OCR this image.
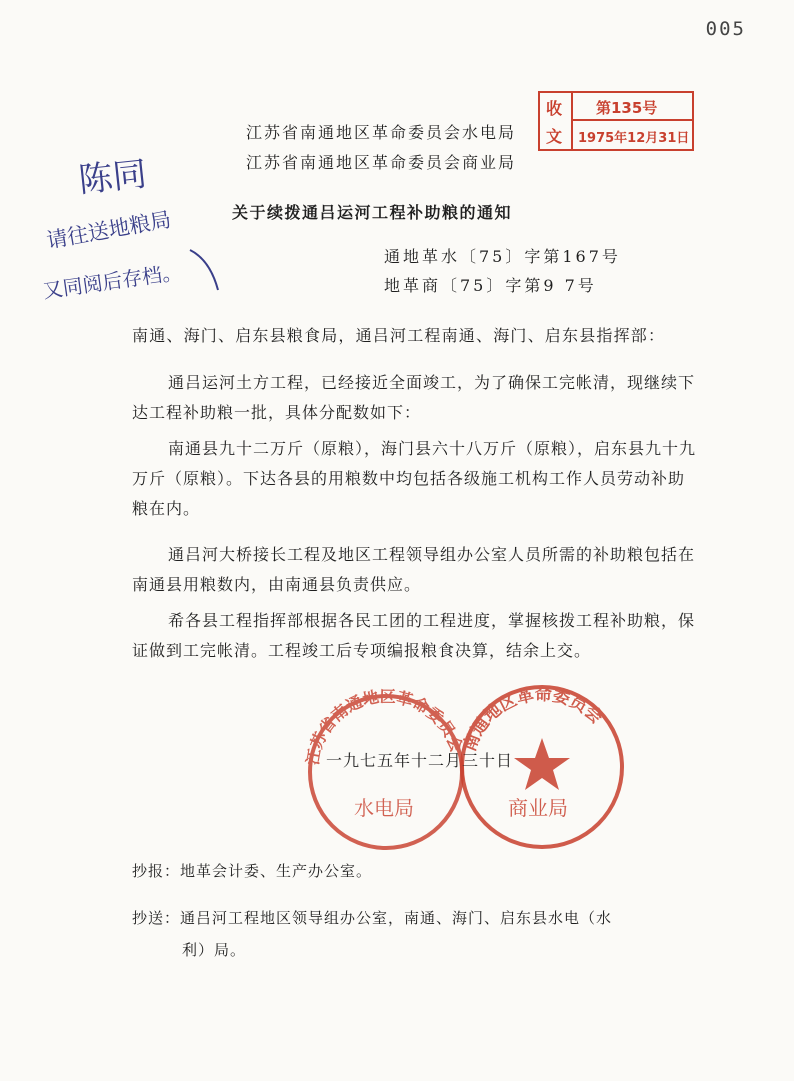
005
陈同
请往送地粮局
又同阅后存档。
收
文
第135号
1975年12月31日
江苏省南通地区革命委员会水电局
江苏省南通地区革命委员会商业局
关于续拨通吕运河工程补助粮的通知
通地革水〔75〕字第167号
地革商〔75〕字第9 7号
南通、海门、启东县粮食局，通吕河工程南通、海门、启东县指挥部：
通吕运河土方工程，已经接近全面竣工，为了确保工完帐清，现继续下达工程补助粮一批，具体分配数如下：
南通县九十二万斤（原粮），海门县六十八万斤（原粮），启东县九十九万斤（原粮）。下达各县的用粮数中均包括各级施工机构工作人员劳动补助粮在内。
通吕河大桥接长工程及地区工程领导组办公室人员所需的补助粮包括在南通县用粮数内，由南通县负责供应。
希各县工程指挥部根据各民工团的工程进度，掌握核拨工程补助粮，保证做到工完帐清。工程竣工后专项编报粮食决算，结余上交。
一九七五年十二月三十日
江苏省南通地区革命委员会
水电局
南通地区革命委员会
商业局
抄报：地革会计委、生产办公室。
抄送：通吕河工程地区领导组办公室，南通、海门、启东县水电（水
利）局。
